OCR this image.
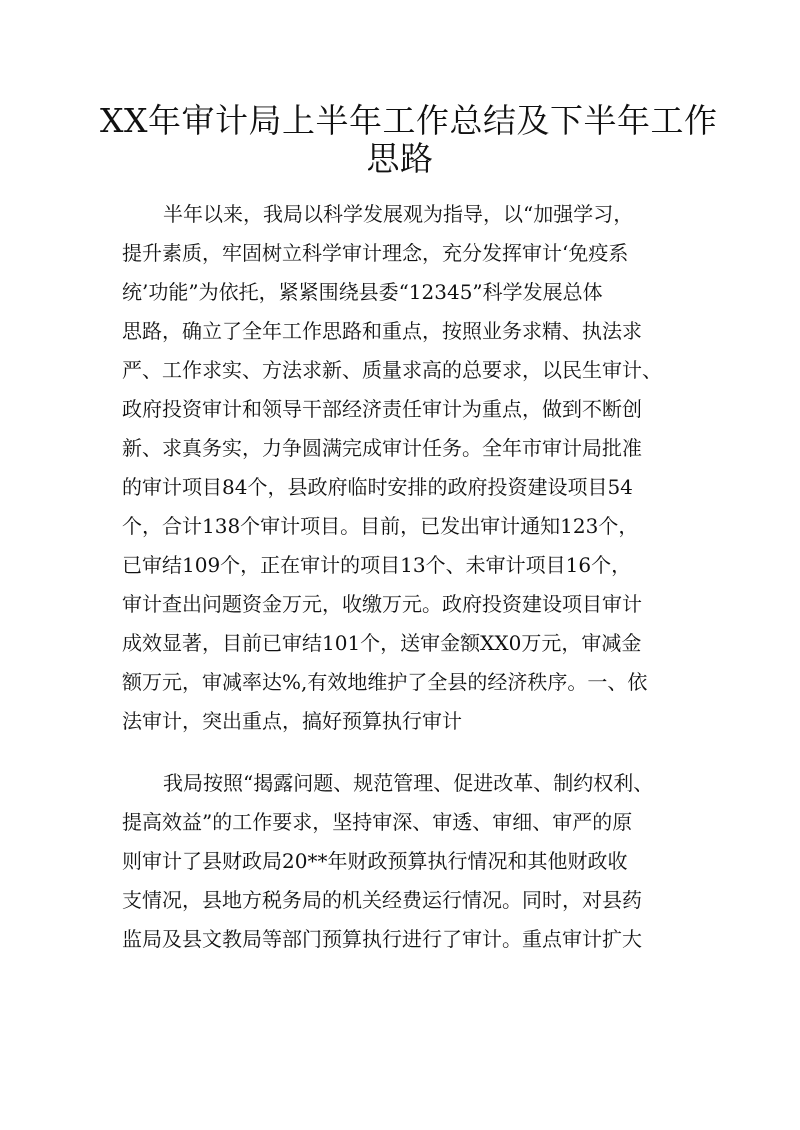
XX年审计局上半年工作总结及下半年工作
思路
半年以来，我局以科学发展观为指导，以“加强学习，
提升素质，牢固树立科学审计理念，充分发挥审计‘免疫系
统’功能”为依托，紧紧围绕县委“12345”科学发展总体
思路，确立了全年工作思路和重点，按照业务求精、执法求
严、工作求实、方法求新、质量求高的总要求，以民生审计、
政府投资审计和领导干部经济责任审计为重点，做到不断创
新、求真务实，力争圆满完成审计任务。全年市审计局批准
的审计项目84个，县政府临时安排的政府投资建设项目54
个，合计138个审计项目。目前，已发出审计通知123个，
已审结109个，正在审计的项目13个、未审计项目16个，
审计查出问题资金万元，收缴万元。政府投资建设项目审计
成效显著，目前已审结101个，送审金额XX0万元，审减金
额万元，审减率达%,有效地维护了全县的经济秩序。一、依
法审计，突出重点，搞好预算执行审计
我局按照“揭露问题、规范管理、促进改革、制约权利、
提高效益”的工作要求，坚持审深、审透、审细、审严的原
则审计了县财政局20**年财政预算执行情况和其他财政收
支情况，县地方税务局的机关经费运行情况。同时，对县药
监局及县文教局等部门预算执行进行了审计。重点审计扩大
